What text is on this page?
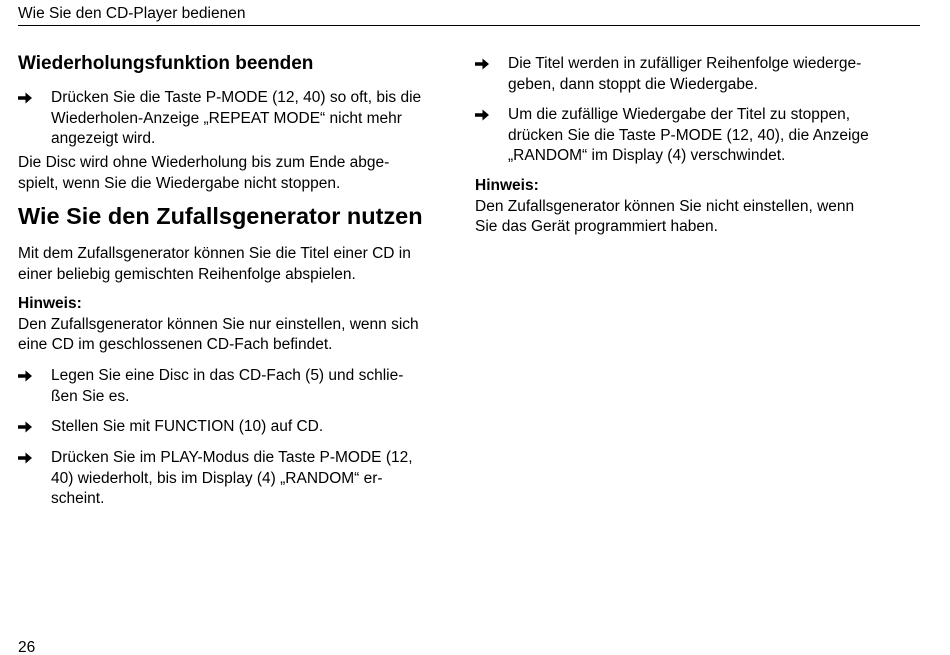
Wie Sie den CD-Player bedienen
Wiederholungsfunktion beenden
Drücken Sie die Taste P-MODE (12, 40) so oft, bis die
Wiederholen-Anzeige „REPEAT MODE“ nicht mehr
angezeigt wird.
Die Disc wird ohne Wiederholung bis zum Ende abge-
spielt, wenn Sie die Wiedergabe nicht stoppen.
Wie Sie den Zufallsgenerator nutzen
Mit dem Zufallsgenerator können Sie die Titel einer CD in
einer beliebig gemischten Reihenfolge abspielen.
Hinweis:
Den Zufallsgenerator können Sie nur einstellen, wenn sich
eine CD im geschlossenen CD-Fach befindet.
Legen Sie eine Disc in das CD-Fach (5) und schlie-
ßen Sie es.
Stellen Sie mit FUNCTION (10) auf CD.
Drücken Sie im PLAY-Modus die Taste P-MODE (12,
40) wiederholt, bis im Display (4) „RANDOM“ er-
scheint.
Die Titel werden in zufälliger Reihenfolge wiederge-
geben, dann stoppt die Wiedergabe.
Um die zufällige Wiedergabe der Titel zu stoppen,
drücken Sie die Taste P-MODE (12, 40), die Anzeige
„RANDOM“ im Display (4) verschwindet.
Hinweis:
Den Zufallsgenerator können Sie nicht einstellen, wenn
Sie das Gerät programmiert haben.
26
